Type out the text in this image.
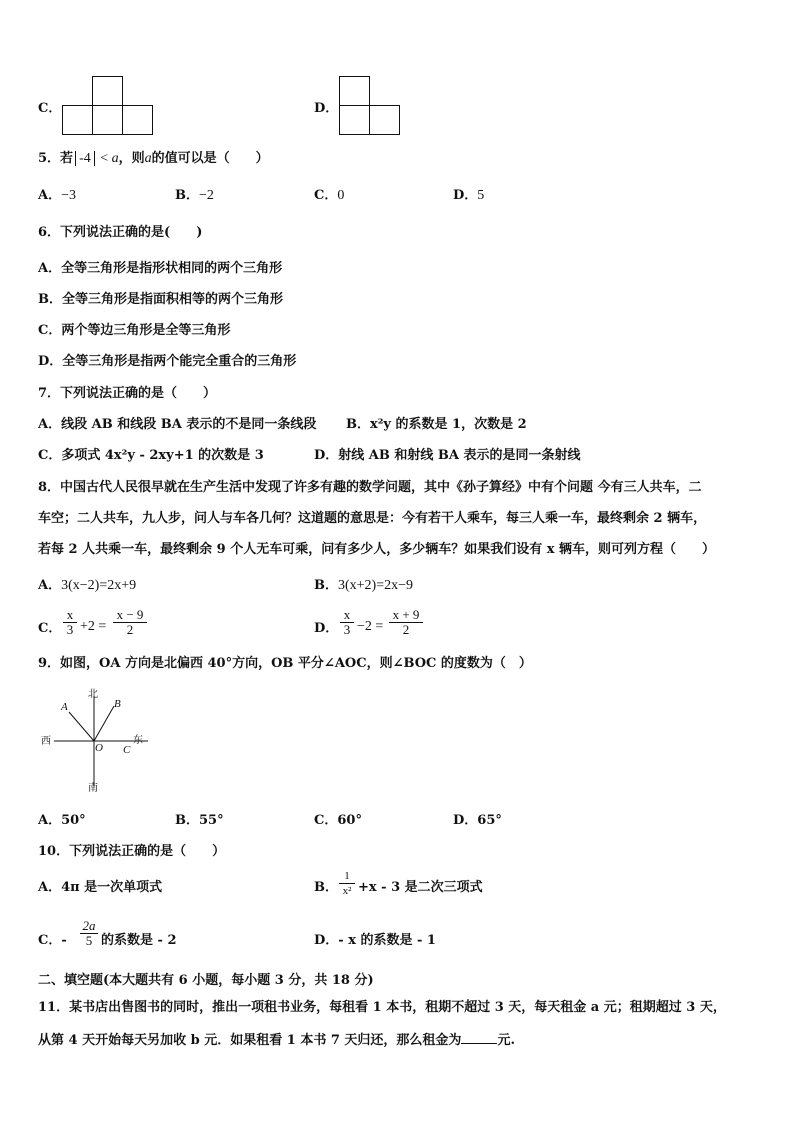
C．	D．
5．若 -4 < a，则a的值可以是（　　）
A．−3	B．−2	C．0	D．5
6．下列说法正确的是(　　)
A．全等三角形是指形状相同的两个三角形
B．全等三角形是指面积相等的两个三角形
C．两个等边三角形是全等三角形
D．全等三角形是指两个能完全重合的三角形
7．下列说法正确的是（　　）
A．线段 AB 和线段 BA 表示的不是同一条线段 B．x²y 的系数是 1，次数是 2
C．多项式 4x²y - 2xy+1 的次数是 3	D．射线 AB 和射线 BA 表示的是同一条射线
8．中国古代人民很早就在生产生活中发现了许多有趣的数学问题，其中《孙子算经》中有个问题 今有三人共车，二
车空；二人共车，九人步，问人与车各几何？这道题的意思是：今有若干人乘车，每三人乘一车，最终剩余 2 辆车，
若每 2 人共乘一车，最终剩余 9 个人无车可乘，问有多少人，多少辆车？如果我们设有 x 辆车，则可列方程（　　）
A．3(x−2)=2x+9	B．3(x+2)=2x−9
C． $\frac{x}{3} +2 = \frac{x - 9}{2}$	D． $\frac{x}{3} -2 = \frac{x + 9}{2}$
9．如图，OA 方向是北偏西 40°方向，OB 平分∠AOC，则∠BOC 的度数为（　）
北
南
西	东
A	B
O C
A．50°	B．55°	C．60°	D．65°
10．下列说法正确的是（　　）
A．4π 是一次单项式	B． $\frac{1}{\text{x²}} +x - 3$ 是二次三项式
C．- $\frac{2a}{5}$ 的系数是 - 2	D．- x 的系数是 - 1
二、填空题(本大题共有 6 小题，每小题 3 分，共 18 分)
11．某书店出售图书的同时，推出一项租书业务，每租看 1 本书，租期不超过 3 天，每天租金 a 元；租期超过 3 天，
从第 4 天开始每天另加收 b 元．如果租看 1 本书 7 天归还，那么租金为	元.
